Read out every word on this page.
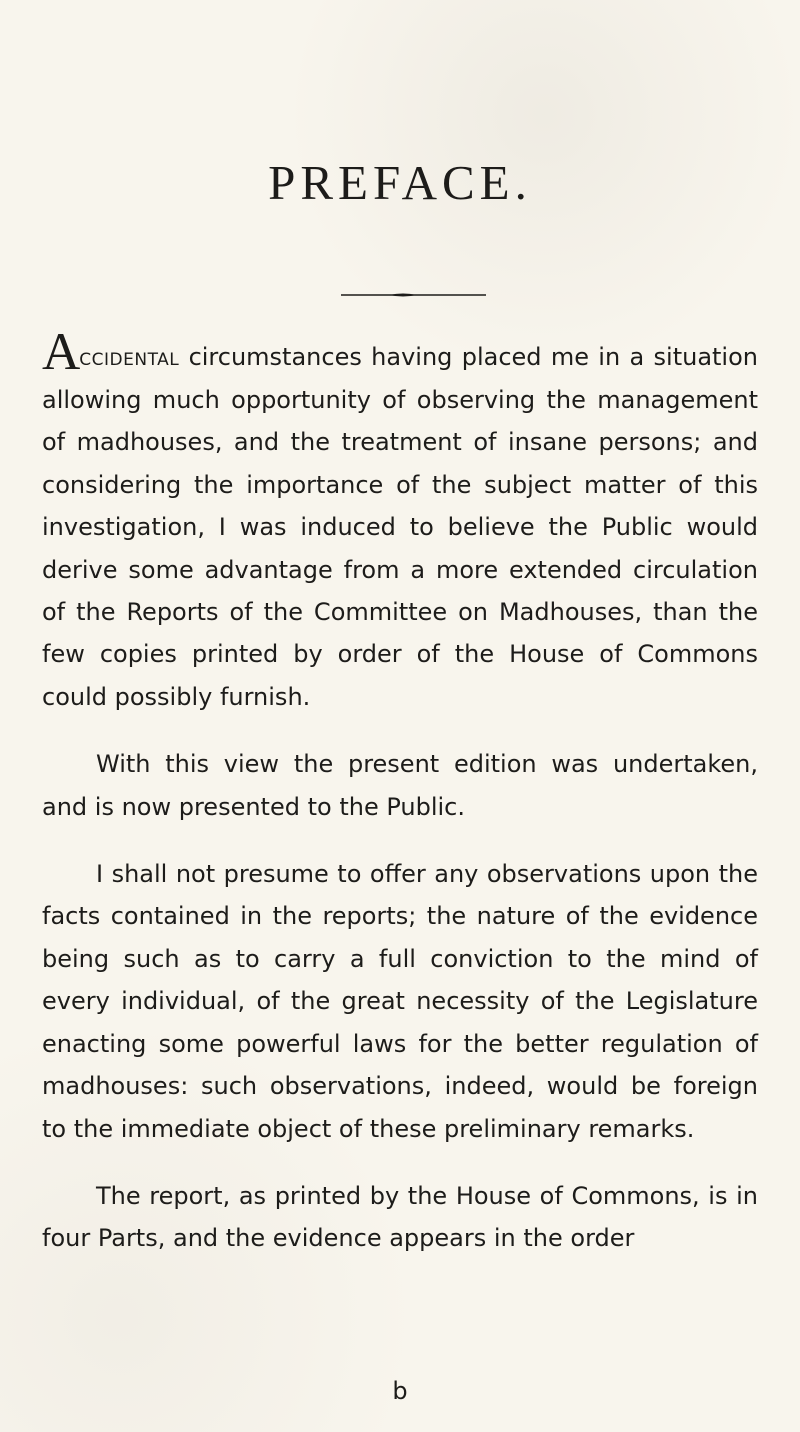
PREFACE.

Accidental circumstances having placed me in a situation allowing much opportunity of observing the management of madhouses, and the treatment of insane persons; and considering the importance of the subject matter of this investigation, I was induced to believe the Public would derive some advantage from a more extended circulation of the Reports of the Committee on Madhouses, than the few copies printed by order of the House of Commons could possibly furnish.

With this view the present edition was undertaken, and is now presented to the Public.

I shall not presume to offer any observations upon the facts contained in the reports; the nature of the evidence being such as to carry a full conviction to the mind of every individual, of the great necessity of the Legislature enacting some powerful laws for the better regulation of madhouses: such observations, indeed, would be foreign to the immediate object of these preliminary remarks.

The report, as printed by the House of Commons, is in four Parts, and the evidence appears in the order

b
